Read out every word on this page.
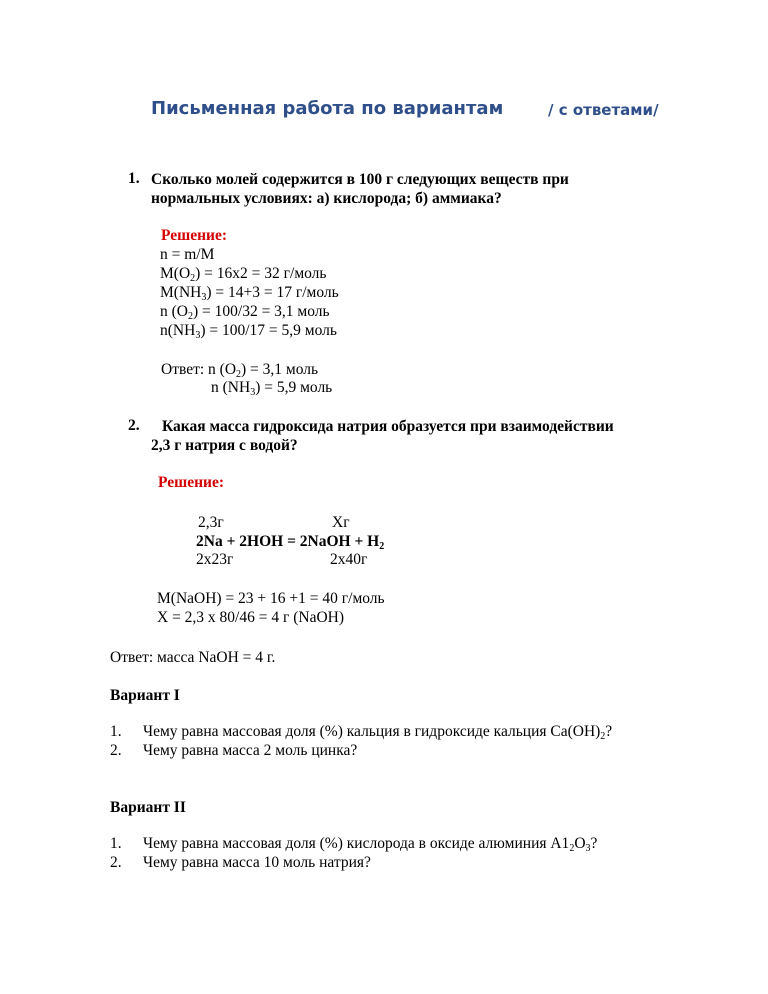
Письменная работа по вариантам	/ с ответами/
1. Сколько молей содержится в 100 г следующих веществ при
нормальных условиях: а) кислорода; б) аммиака?
Решение:
n = m/M
$M(O_2) = 16х2 = 32$ г/моль
$M(NH_3) = 14+3 = 17$ г/моль
n $(O_2) = 100/32 = 3,1$ моль
$n(NH_3) = 100/17 = 5,9$ моль
Ответ: n $(O_2) = 3,1$ моль
n $(NH_3) = 5,9$ моль
2. Какая масса гидроксида натрия образуется при взаимодействии
2,3 г натрия с водой?
Решение:
2,3г	Хг
2Na + 2HOH = 2NaOH + $H_2$
2х23г	2х40г
M(NaOH) = 23 + 16 +1 = 40 г/моль
Х = 2,3 х 80/46 = 4 г (NaOH)
Ответ: масса NaOH = 4 г.
Вариант I
1. Чему равна массовая доля (%) кальция в гидроксиде кальция $Ca(OH)_2$?
2. Чему равна масса 2 моль цинка?
Вариант II
1. Чему равна массовая доля (%) кислорода в оксиде алюминия $А1_2O_3$?
2. Чему равна масса 10 моль натрия?
